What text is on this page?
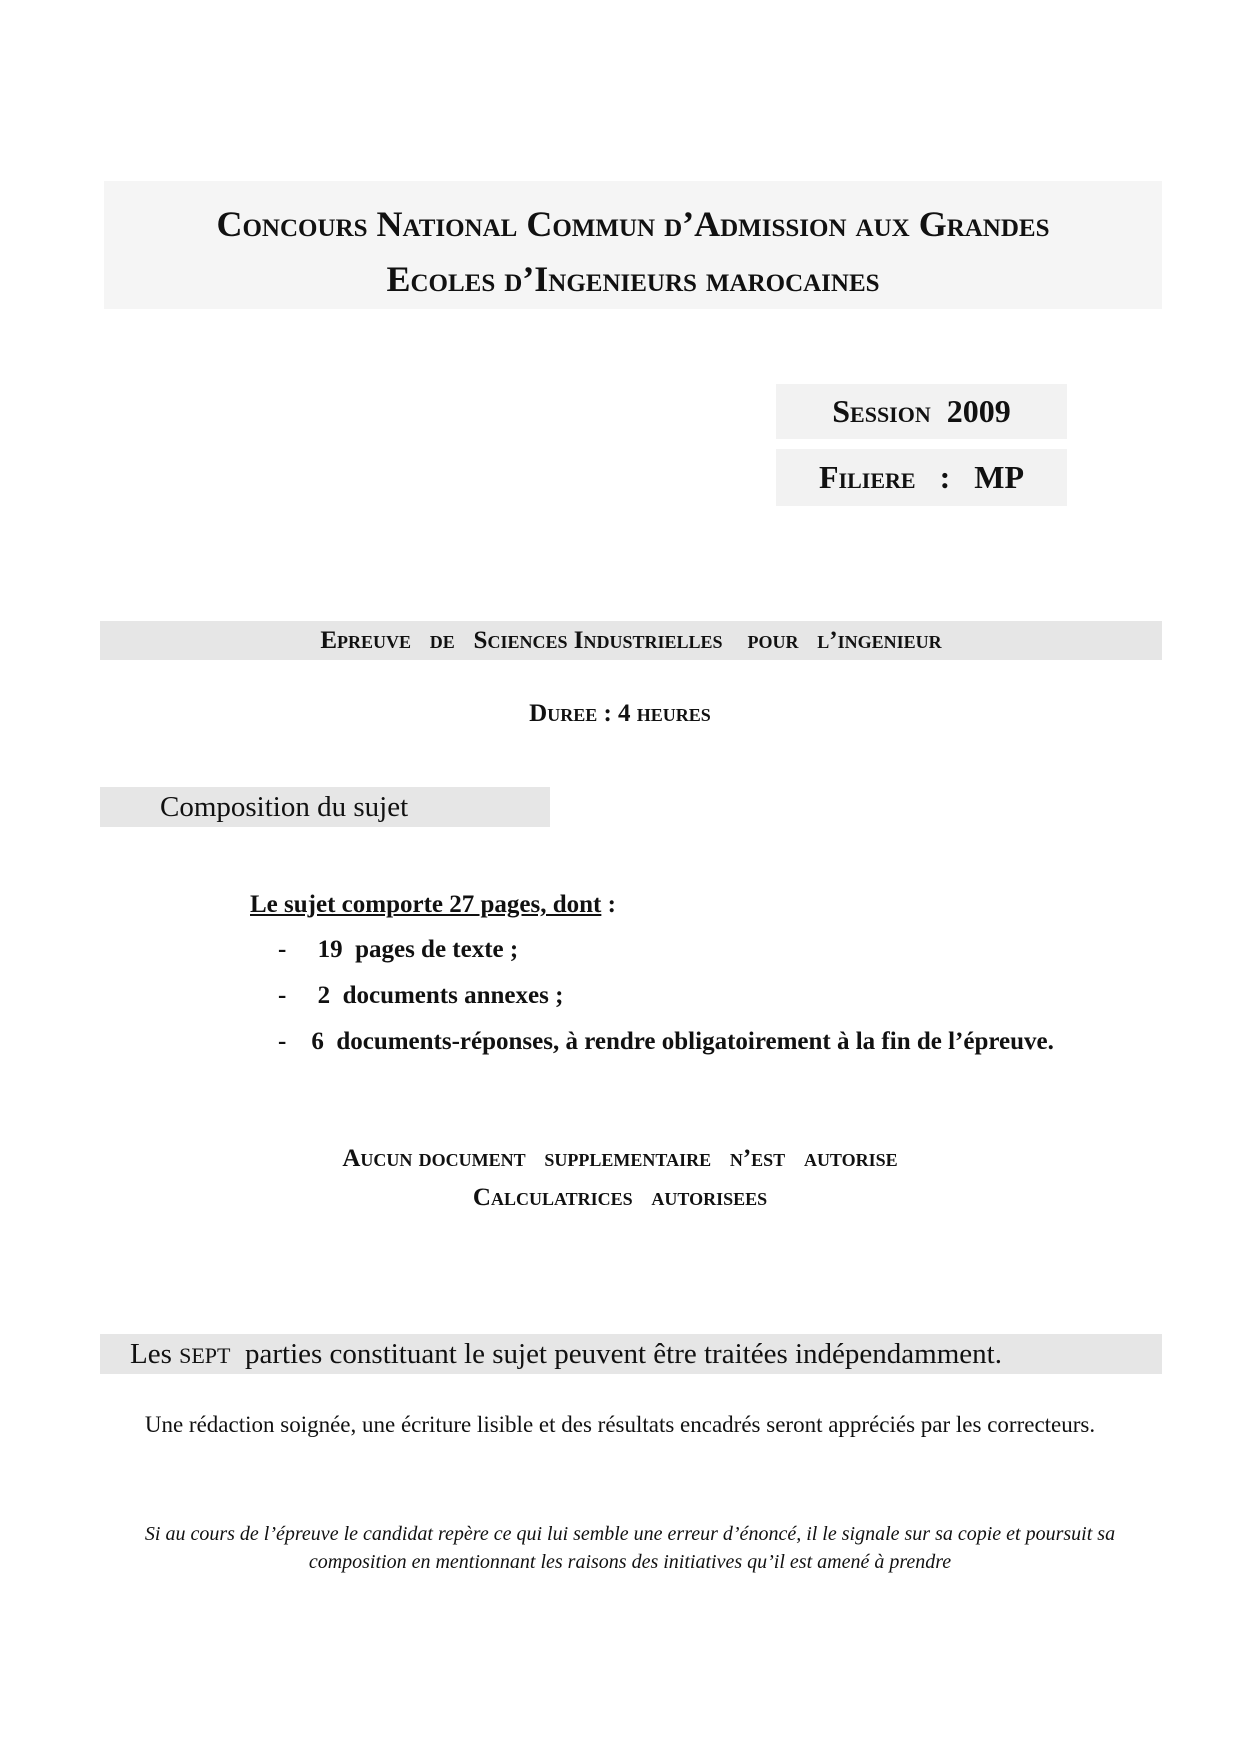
Concours National Commun d’Admission aux Grandes
Ecoles d’Ingenieurs marocaines
Session  2009
Filiere   :   MP
Epreuve   de   Sciences Industrielles    pour   l’ingenieur
Duree : 4 heures
Composition du sujet
Le sujet comporte 27 pages, dont :
-     19  pages de texte ;
-     2  documents annexes ;
-    6  documents-réponses, à rendre obligatoirement à la fin de l’épreuve.
Aucun document   supplementaire   n’est   autorise
Calculatrices   autorisees
Les SEPT  parties constituant le sujet peuvent être traitées indépendamment.
Une rédaction soignée, une écriture lisible et des résultats encadrés seront appréciés par les correcteurs.
Si au cours de l’épreuve le candidat repère ce qui lui semble une erreur d’énoncé, il le signale sur sa copie et poursuit sa composition en mentionnant les raisons des initiatives qu’il est amené à prendre
